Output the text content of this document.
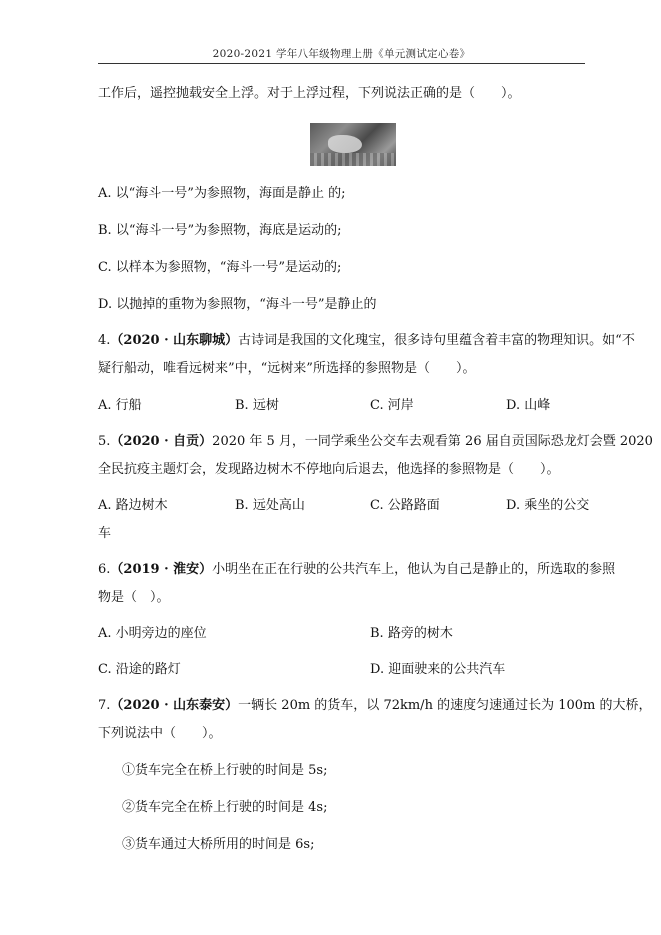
2020-2021 学年八年级物理上册《单元测试定心卷》
工作后，遥控抛载安全上浮。对于上浮过程，下列说法正确的是（　　）。
A. 以“海斗一号”为参照物，海面是静止 的;
B. 以“海斗一号”为参照物，海底是运动的;
C. 以样本为参照物，“海斗一号”是运动的;
D. 以抛掉的重物为参照物，“海斗一号”是静止的
4.（2020 · 山东聊城）古诗词是我国的文化瑰宝，很多诗句里蕴含着丰富的物理知识。如“不
疑行船动，唯看远树来”中，“远树来”所选择的参照物是（　　）。
A. 行船	B. 远树	C. 河岸	D. 山峰
5.（2020 · 自贡）2020 年 5 月，一同学乘坐公交车去观看第 26 届自贡国际恐龙灯会暨 2020
全民抗疫主题灯会，发现路边树木不停地向后退去，他选择的参照物是（　　）。
A. 路边树木	B. 远处高山	C. 公路路面	D. 乘坐的公交
车
6.（2019 · 淮安）小明坐在正在行驶的公共汽车上，他认为自己是静止的，所选取的参照
物是（　）。
A. 小明旁边的座位	B. 路旁的树木
C. 沿途的路灯	D. 迎面驶来的公共汽车
7.（2020 · 山东泰安）一辆长 20m 的货车，以 72km/h 的速度匀速通过长为 100m 的大桥，
下列说法中（　　）。
①货车完全在桥上行驶的时间是 5s;
②货车完全在桥上行驶的时间是 4s;
③货车通过大桥所用的时间是 6s;
